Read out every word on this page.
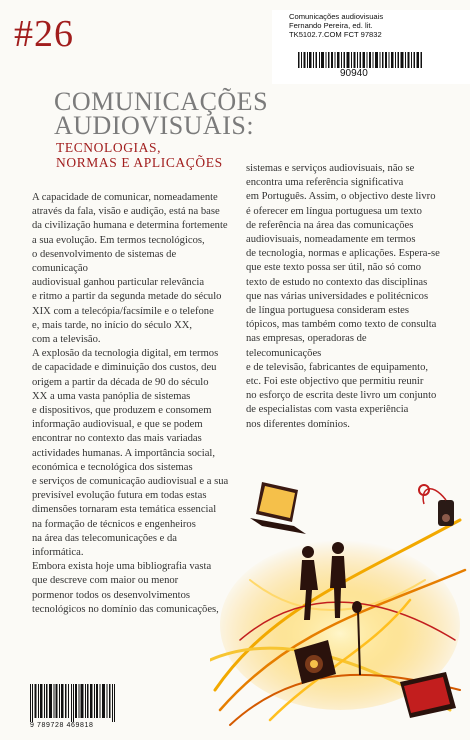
#26	Comunicações audiovisuais
Fernando Pereira, ed. lit.
TK5102.7.COM FCT 97832
90940
COMUNICAÇÕES
AUDIOVISUAIS:
TECNOLOGIAS,
NORMAS E APLICAÇÕES

A capacidade de comunicar, nomeadamente

através da fala, visão e audição, está na base

da civilização humana e determina fortemente

a sua evolução. Em termos tecnológicos,

o desenvolvimento de sistemas de comunicação

audiovisual ganhou particular relevância

e ritmo a partir da segunda metade do século

XIX com a telecópia/facsímile e o telefone

e, mais tarde, no início do século XX,

com a televisão.

A explosão da tecnologia digital, em termos

de capacidade e diminuição dos custos, deu

origem a partir da década de 90 do século

XX a uma vasta panóplia de sistemas

e dispositivos, que produzem e consomem

informação audiovisual, e que se podem

encontrar no contexto das mais variadas

actividades humanas. A importância social,

económica e tecnológica dos sistemas

e serviços de comunicação audiovisual e a sua

previsível evolução futura em todas estas

dimensões tornaram esta temática essencial

na formação de técnicos e engenheiros

na área das telecomunicações e da informática.

Embora exista hoje uma bibliografia vasta

que descreve com maior ou menor

pormenor todos os desenvolvimentos

tecnológicos no domínio das comunicações,

sistemas e serviços audiovisuais, não se

encontra uma referência significativa

em Português. Assim, o objectivo deste livro

é oferecer em língua portuguesa um texto

de referência na área das comunicações

audiovisuais, nomeadamente em termos

de tecnologia, normas e aplicações. Espera-se

que este texto possa ser útil, não só como

texto de estudo no contexto das disciplinas

que nas várias universidades e politécnicos

de língua portuguesa consideram estes

tópicos, mas também como texto de consulta

nas empresas, operadoras de telecomunicações

e de televisão, fabricantes de equipamento,

etc. Foi este objectivo que permitiu reunir

no esforço de escrita deste livro um conjunto

de especialistas com vasta experiência

nos diferentes domínios.

9 789728 469818
